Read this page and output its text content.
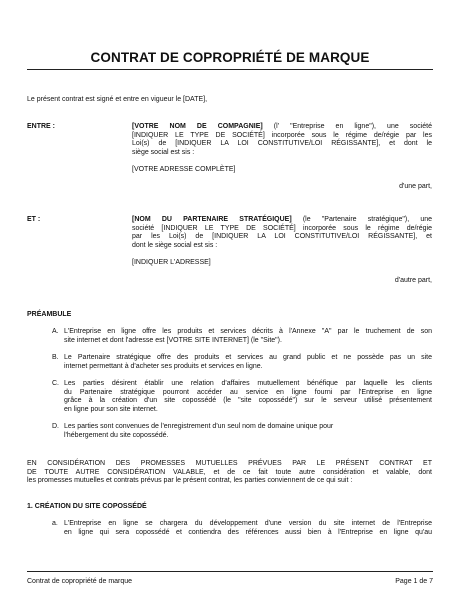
CONTRAT DE COPROPRIÉTÉ DE MARQUE
Le présent contrat est signé et entre en vigueur le [DATE],
ENTRE :	[VOTRE NOM DE COMPAGNIE] (l' "Entreprise en ligne"), une société
[INDIQUER LE TYPE DE SOCIÉTÉ] incorporée sous le régime de/régie par les
Loi(s) de [INDIQUER LA LOI CONSTITUTIVE/LOI RÉGISSANTE], et dont le
siège social est sis :
[VOTRE ADRESSE COMPLÈTE]
d'une part,
ET :	[NOM DU PARTENAIRE STRATÉGIQUE] (le "Partenaire stratégique"), une
société [INDIQUER LE TYPE DE SOCIÉTÉ] incorporée sous le régime de/régie
par les Loi(s) de [INDIQUER LA LOI CONSTITUTIVE/LOI RÉGISSANTE], et
dont le siège social est sis :
[INDIQUER L'ADRESSE]
d'autre part,
PRÉAMBULE
A. L'Entreprise en ligne offre les produits et services décrits à l'Annexe "A" par le truchement de son
site internet et dont l'adresse est [VOTRE SITE INTERNET] (le "Site").
B. Le Partenaire stratégique offre des produits et services au grand public et ne possède pas un site
internet permettant à d'acheter ses produits et services en ligne.
C. Les parties désirent établir une relation d'affaires mutuellement bénéfique par laquelle les clients
du Partenaire stratégique pourront accéder au service en ligne fourni par l'Entreprise en ligne
grâce à la création d'un site copossédé (le "site copossédé") sur le serveur utilisé présentement
en ligne pour son site internet.
D. Les parties sont convenues de l'enregistrement d'un seul nom de domaine unique pour
l'hébergement du site copossédé.
EN CONSIDÉRATION DES PROMESSES MUTUELLES PRÉVUES PAR LE PRÉSENT CONTRAT ET
DE TOUTE AUTRE CONSIDÉRATION VALABLE, et de ce fait toute autre considération et valable, dont
les promesses mutuelles et contrats prévus par le présent contrat, les parties conviennent de ce qui suit :
1. CRÉATION DU SITE COPOSSÉDÉ
a. L'Entreprise en ligne se chargera du développement d'une version du site internet de l'Entreprise
en ligne qui sera copossédé et contiendra des références aussi bien à l'Entreprise en ligne qu'au
Contrat de copropriété de marque	Page 1 de 7
